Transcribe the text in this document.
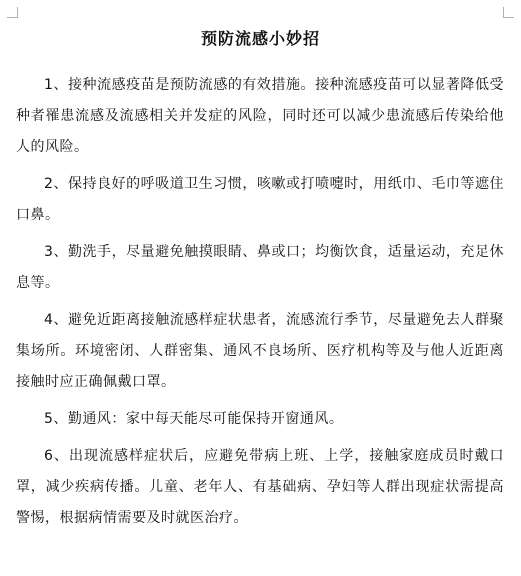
预防流感小妙招

1、接种流感疫苗是预防流感的有效措施。接种流感疫苗可以显著降低受种者罹患流感及流感相关并发症的风险，同时还可以减少患流感后传染给他人的风险。

2、保持良好的呼吸道卫生习惯，咳嗽或打喷嚏时，用纸巾、毛巾等遮住口鼻。

3、勤洗手，尽量避免触摸眼睛、鼻或口；均衡饮食，适量运动，充足休息等。

4、避免近距离接触流感样症状患者，流感流行季节，尽量避免去人群聚集场所。环境密闭、人群密集、通风不良场所、医疗机构等及与他人近距离接触时应正确佩戴口罩。

5、勤通风：家中每天能尽可能保持开窗通风。

6、出现流感样症状后，应避免带病上班、上学，接触家庭成员时戴口罩，减少疾病传播。儿童、老年人、有基础病、孕妇等人群出现症状需提高警惕，根据病情需要及时就医治疗。
